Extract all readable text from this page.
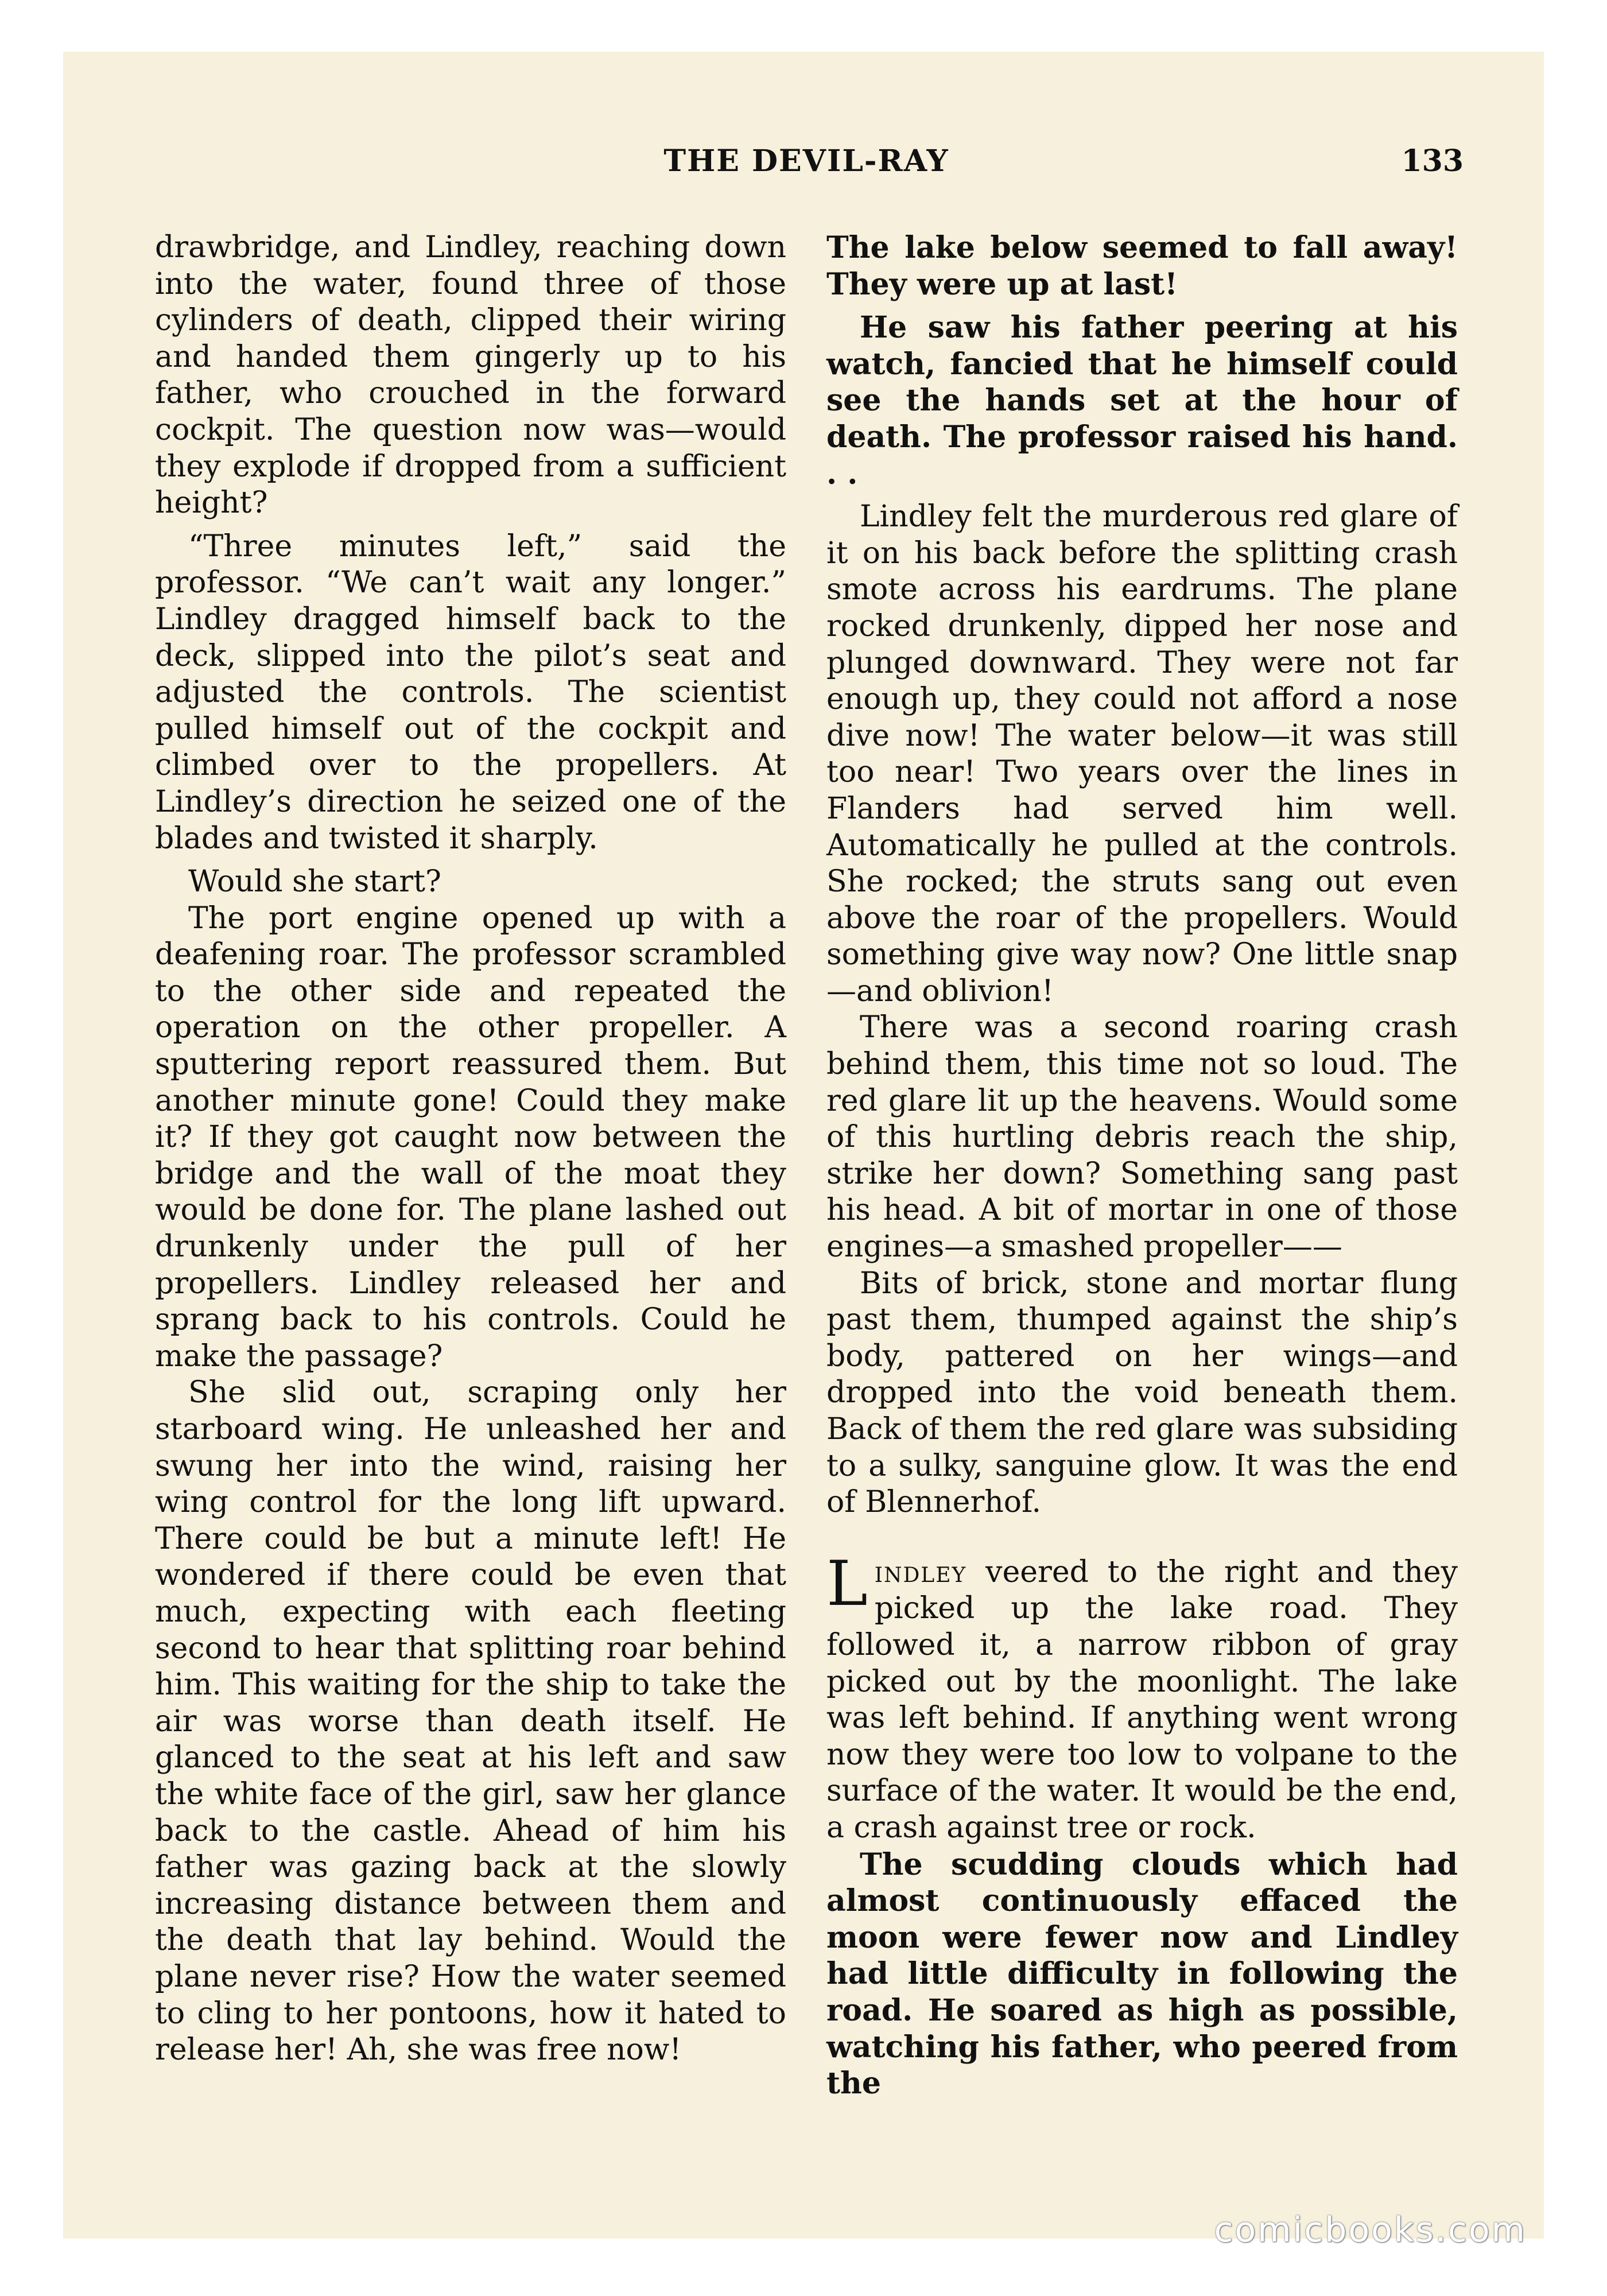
THE DEVIL-RAY	133

drawbridge, and Lindley, reaching down into the water, found three of those cylinders of death, clipped their wiring and handed them gingerly up to his father, who crouched in the forward cockpit. The question now was—would they explode if dropped from a sufficient height?

“Three minutes left,” said the professor. “We can’t wait any longer.” Lindley dragged himself back to the deck, slipped into the pilot’s seat and adjusted the controls. The scientist pulled himself out of the cockpit and climbed over to the propellers. At Lindley’s direction he seized one of the blades and twisted it sharply.

Would she start?

The port engine opened up with a deafening roar. The professor scrambled to the other side and repeated the operation on the other propeller. A sputtering report reassured them. But another minute gone! Could they make it? If they got caught now between the bridge and the wall of the moat they would be done for. The plane lashed out drunkenly under the pull of her propellers. Lindley released her and sprang back to his controls. Could he make the passage?

She slid out, scraping only her starboard wing. He unleashed her and swung her into the wind, raising her wing control for the long lift upward. There could be but a minute left! He wondered if there could be even that much, expecting with each fleeting second to hear that splitting roar behind him. This waiting for the ship to take the air was worse than death itself. He glanced to the seat at his left and saw the white face of the girl, saw her glance back to the castle. Ahead of him his father was gazing back at the slowly increasing distance between them and the death that lay behind. Would the plane never rise? How the water seemed to cling to her pontoons, how it hated to release her! Ah, she was free now!

The lake below seemed to fall away! They were up at last!

He saw his father peering at his watch, fancied that he himself could see the hands set at the hour of death. The professor raised his hand. . .

Lindley felt the murderous red glare of it on his back before the splitting crash smote across his eardrums. The plane rocked drunkenly, dipped her nose and plunged downward. They were not far enough up, they could not afford a nose dive now! The water below—it was still too near! Two years over the lines in Flanders had served him well. Automatically he pulled at the controls. She rocked; the struts sang out even above the roar of the propellers. Would something give way now? One little snap—and oblivion!

There was a second roaring crash behind them, this time not so loud. The red glare lit up the heavens. Would some of this hurtling debris reach the ship, strike her down? Something sang past his head. A bit of mortar in one of those engines—a smashed propeller——

Bits of brick, stone and mortar flung past them, thumped against the ship’s body, pattered on her wings—and dropped into the void beneath them. Back of them the red glare was subsiding to a sulky, sanguine glow. It was the end of Blennerhof.

Lindley veered to the right and they picked up the lake road. They followed it, a narrow ribbon of gray picked out by the moonlight. The lake was left behind. If anything went wrong now they were too low to volpane to the surface of the water. It would be the end, a crash against tree or rock.

The scudding clouds which had almost continuously effaced the moon were fewer now and Lindley had little difficulty in following the road. He soared as high as possible, watching his father, who peered from the

comicbooks.com
